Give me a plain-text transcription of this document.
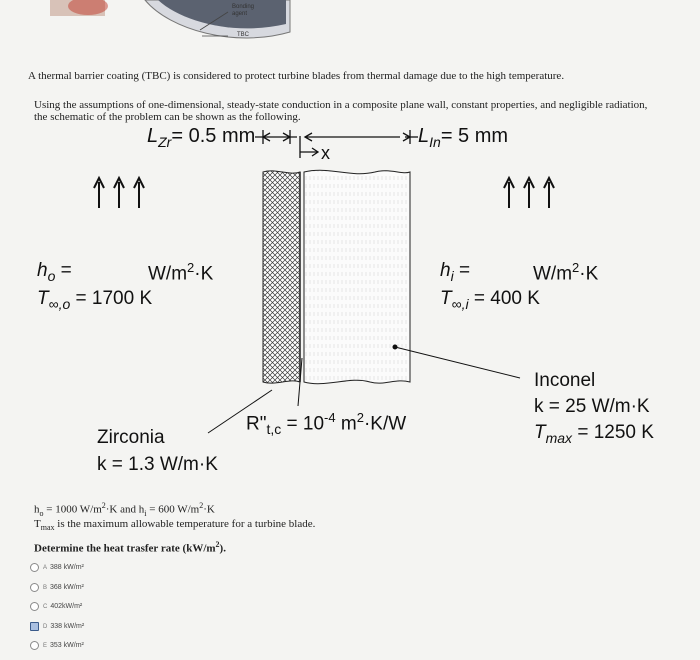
Bonding
agent
TBC
A thermal barrier coating (TBC) is considered to protect turbine blades from thermal damage due to the high temperature.
Using the assumptions of one-dimensional, steady-state conduction in a composite plane wall, constant properties, and negligible radiation,
the schematic of the problem can be shown as the following.
$L_{Zr}= 0.5$ mm	$L_{In}= 5$ mm
x
$h_o$ =	$W/m^2\cdot K$
$T_{\infty,o} = 1700$ K
$h_i$ =	$W/m^2\cdot K$
$T_{\infty,i} = 400$ K
$R"_{t,c} = 10^{-4}$ $m^2\cdot K/W$
Zirconia
k = 1.3 W/m·K
Inconel
k = 25 W/m·K
$T_{max} = 1250$ K
$h_o = 1000$ $W/m^2\cdot K$ and $h_i = 600$ $W/m^2\cdot K$
$T_{max}$ is the maximum allowable temperature for a turbine blade.
Determine the heat trasfer rate $(kW/m^2)$.
A 388 kW/m²
B 368 kW/m²
C 402kW/m²
D 338 kW/m²
E 353 kW/m²
